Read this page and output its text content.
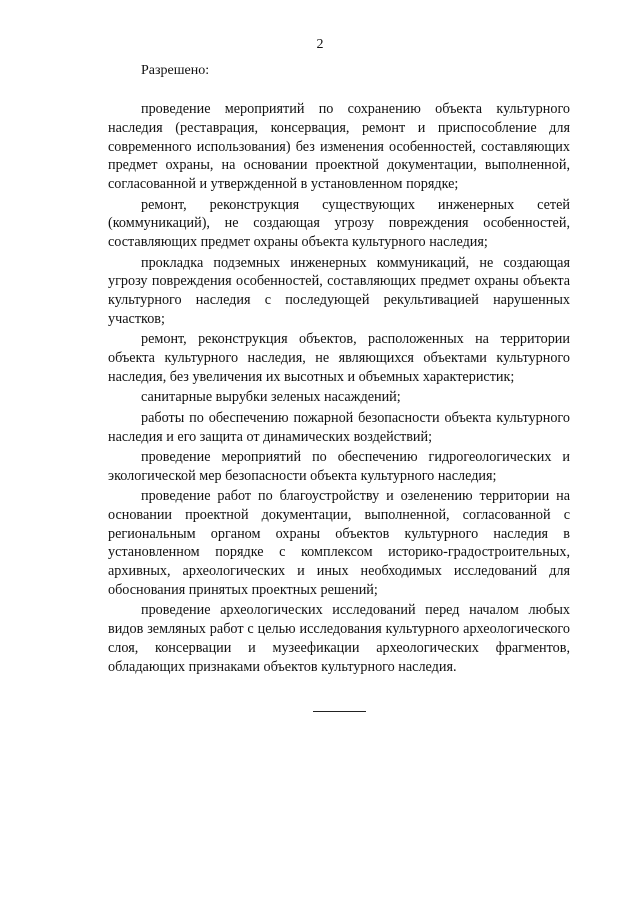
2
Разрешено:

проведение мероприятий по сохранению объекта культурного наследия (реставрация, консервация, ремонт и приспособление для современного использования) без изменения особенностей, составляющих предмет охраны, на основании проектной документации, выполненной, согласованной и утвержденной в установленном порядке;

ремонт, реконструкция существующих инженерных сетей (коммуникаций), не создающая угрозу повреждения особенностей, составляющих предмет охраны объекта культурного наследия;

прокладка подземных инженерных коммуникаций, не создающая угрозу повреждения особенностей, составляющих предмет охраны объекта культурного наследия с последующей рекультивацией нарушенных участков;

ремонт, реконструкция объектов, расположенных на территории объекта культурного наследия, не являющихся объектами культурного наследия, без увеличения их высотных и объемных характеристик;

санитарные вырубки зеленых насаждений;

работы по обеспечению пожарной безопасности объекта культурного наследия и его защита от динамических воздействий;

проведение мероприятий по обеспечению гидрогеологических и экологической мер безопасности объекта культурного наследия;

проведение работ по благоустройству и озеленению территории на основании проектной документации, выполненной, согласованной с региональным органом охраны объектов культурного наследия в установленном порядке с комплексом историко-градостроительных, архивных, археологических и иных необходимых исследований для обоснования принятых проектных решений;

проведение археологических исследований перед началом любых видов земляных работ с целью исследования культурного археологического слоя, консервации и музеефикации археологических фрагментов, обладающих признаками объектов культурного наследия.
